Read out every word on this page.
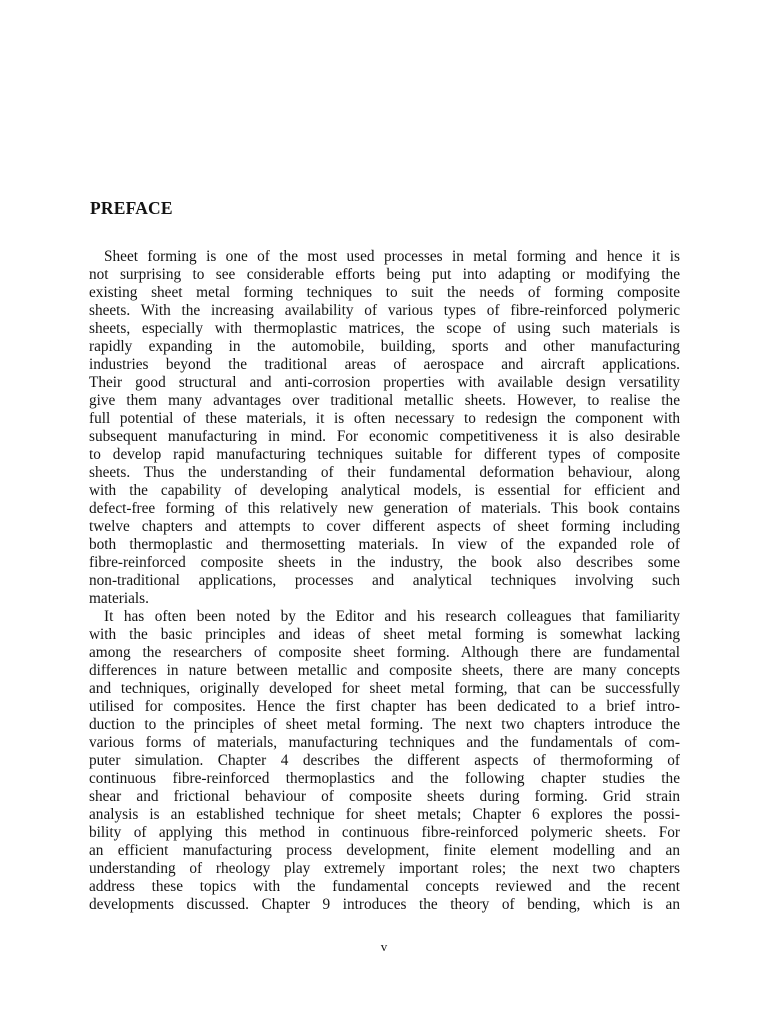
PREFACE
Sheet forming is one of the most used processes in metal forming and hence it is
not surprising to see considerable efforts being put into adapting or modifying the
existing sheet metal forming techniques to suit the needs of forming composite
sheets. With the increasing availability of various types of fibre-reinforced polymeric
sheets, especially with thermoplastic matrices, the scope of using such materials is
rapidly expanding in the automobile, building, sports and other manufacturing
industries beyond the traditional areas of aerospace and aircraft applications.
Their good structural and anti-corrosion properties with available design versatility
give them many advantages over traditional metallic sheets. However, to realise the
full potential of these materials, it is often necessary to redesign the component with
subsequent manufacturing in mind. For economic competitiveness it is also desirable
to develop rapid manufacturing techniques suitable for different types of composite
sheets. Thus the understanding of their fundamental deformation behaviour, along
with the capability of developing analytical models, is essential for efficient and
defect-free forming of this relatively new generation of materials. This book contains
twelve chapters and attempts to cover different aspects of sheet forming including
both thermoplastic and thermosetting materials. In view of the expanded role of
fibre-reinforced composite sheets in the industry, the book also describes some
non-traditional applications, processes and analytical techniques involving such
materials.
It has often been noted by the Editor and his research colleagues that familiarity
with the basic principles and ideas of sheet metal forming is somewhat lacking
among the researchers of composite sheet forming. Although there are fundamental
differences in nature between metallic and composite sheets, there are many concepts
and techniques, originally developed for sheet metal forming, that can be successfully
utilised for composites. Hence the first chapter has been dedicated to a brief intro-
duction to the principles of sheet metal forming. The next two chapters introduce the
various forms of materials, manufacturing techniques and the fundamentals of com-
puter simulation. Chapter 4 describes the different aspects of thermoforming of
continuous fibre-reinforced thermoplastics and the following chapter studies the
shear and frictional behaviour of composite sheets during forming. Grid strain
analysis is an established technique for sheet metals; Chapter 6 explores the possi-
bility of applying this method in continuous fibre-reinforced polymeric sheets. For
an efficient manufacturing process development, finite element modelling and an
understanding of rheology play extremely important roles; the next two chapters
address these topics with the fundamental concepts reviewed and the recent
developments discussed. Chapter 9 introduces the theory of bending, which is an
v
